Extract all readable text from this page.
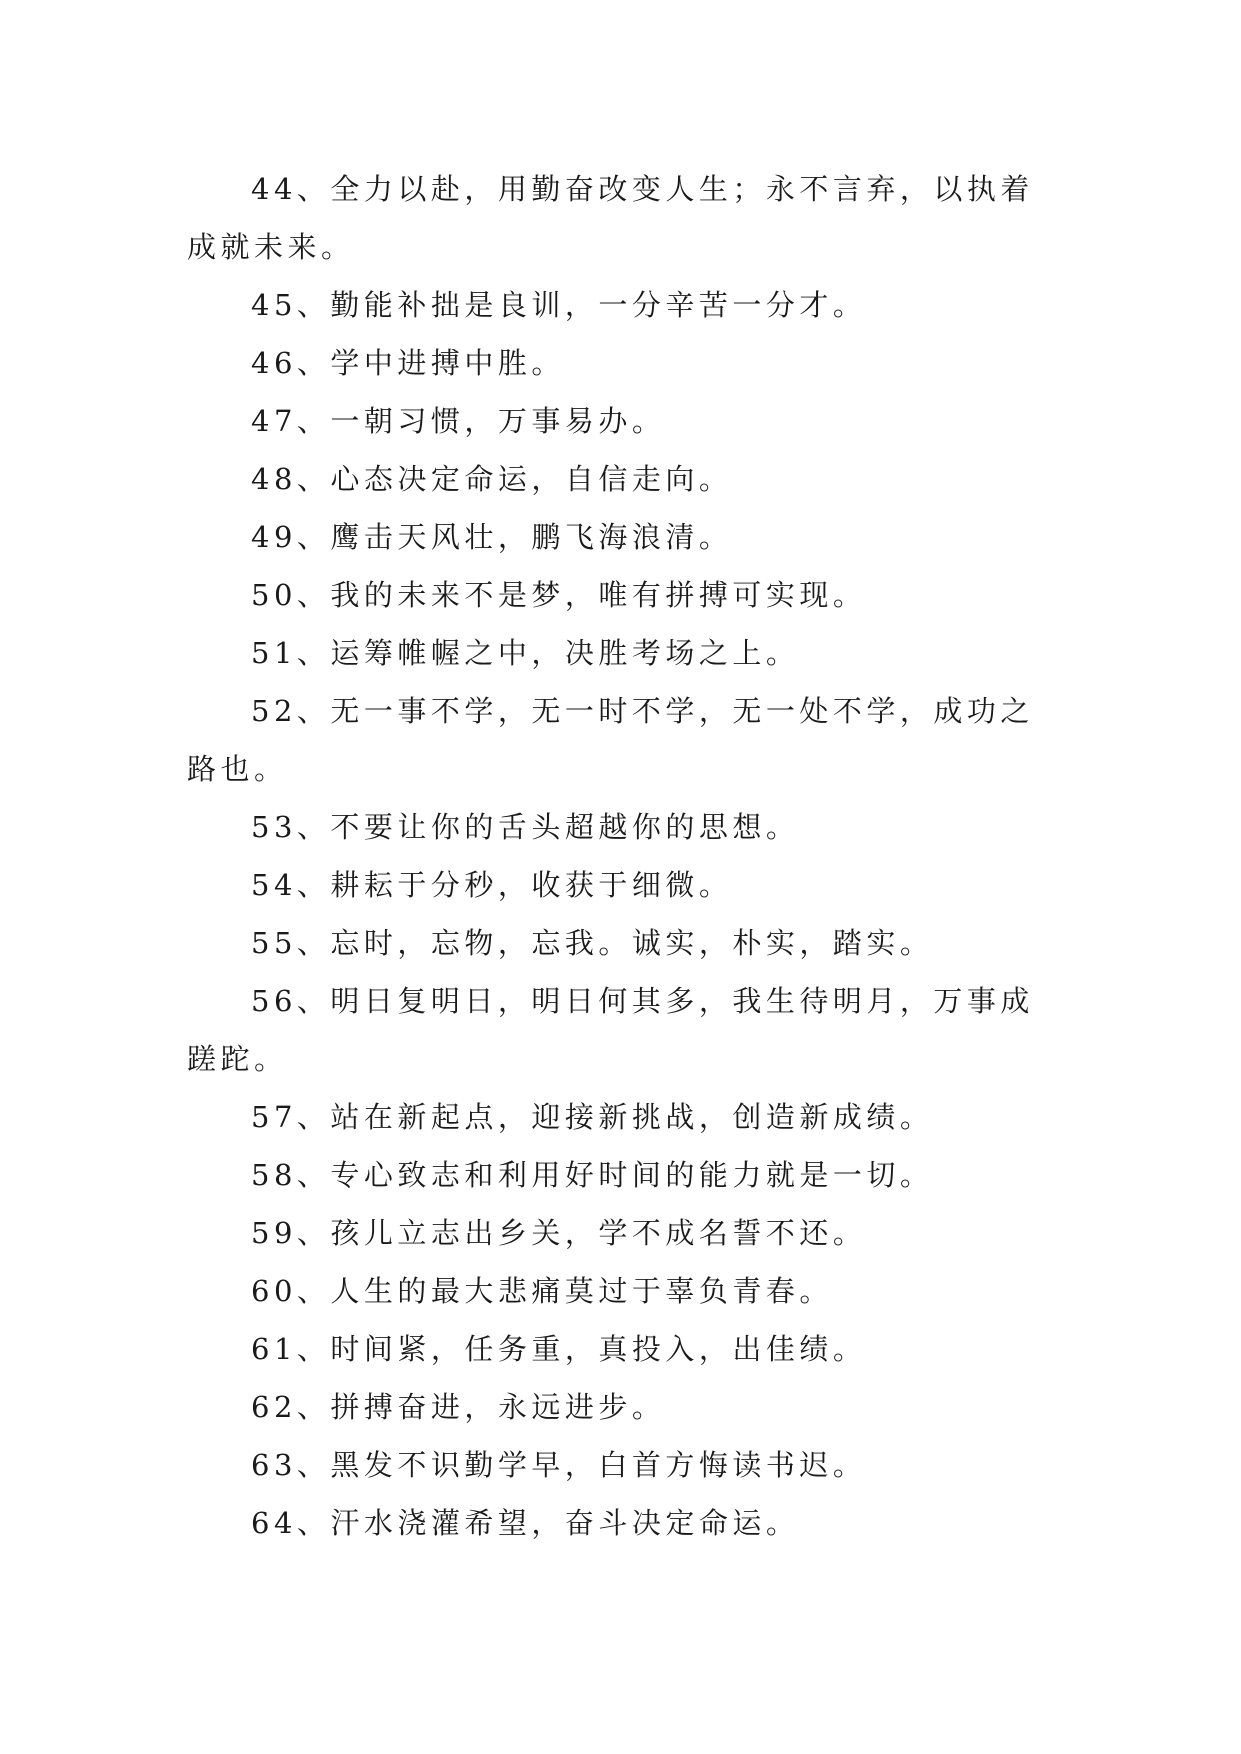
44、全力以赴，用勤奋改变人生；永不言弃，以执着成就未来。

45、勤能补拙是良训，一分辛苦一分才。

46、学中进搏中胜。

47、一朝习惯，万事易办。

48、心态决定命运，自信走向。

49、鹰击天风壮，鹏飞海浪清。

50、我的未来不是梦，唯有拼搏可实现。

51、运筹帷幄之中，决胜考场之上。

52、无一事不学，无一时不学，无一处不学，成功之路也。

53、不要让你的舌头超越你的思想。

54、耕耘于分秒，收获于细微。

55、忘时，忘物，忘我。诚实，朴实，踏实。

56、明日复明日，明日何其多，我生待明月，万事成蹉跎。

57、站在新起点，迎接新挑战，创造新成绩。

58、专心致志和利用好时间的能力就是一切。

59、孩儿立志出乡关，学不成名誓不还。

60、人生的最大悲痛莫过于辜负青春。

61、时间紧，任务重，真投入，出佳绩。

62、拼搏奋进，永远进步。

63、黑发不识勤学早，白首方悔读书迟。

64、汗水浇灌希望，奋斗决定命运。
